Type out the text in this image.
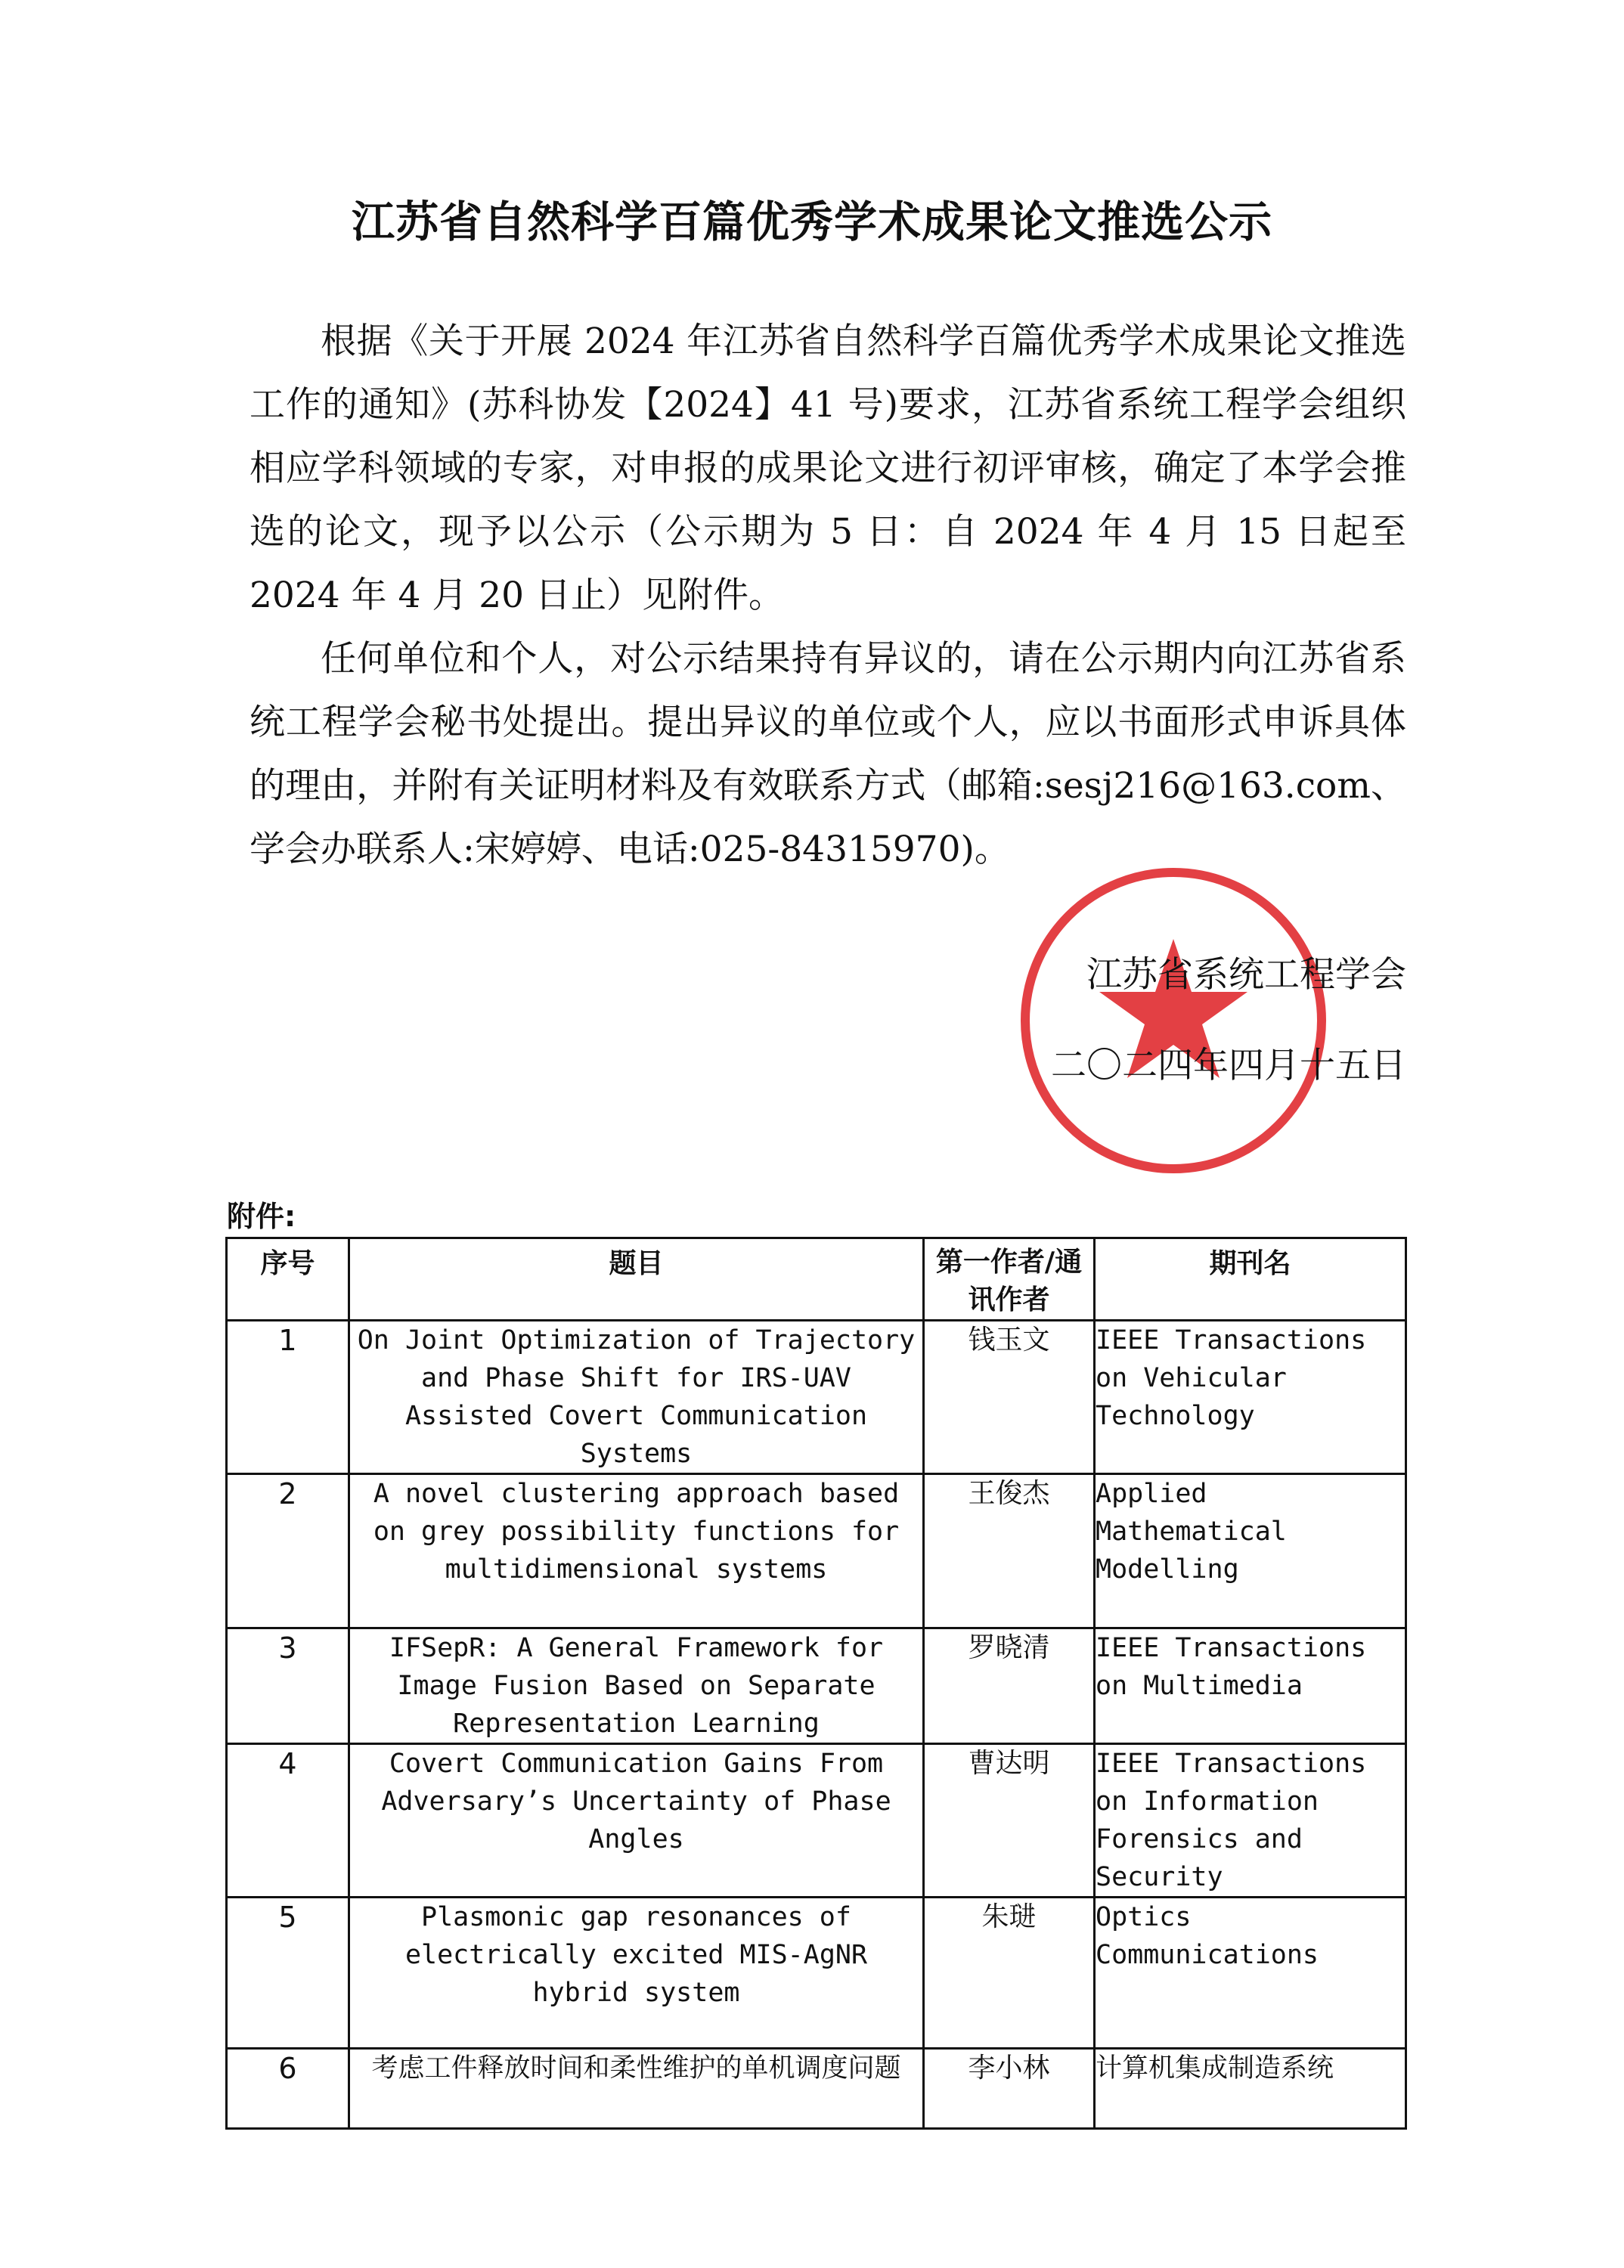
江苏省自然科学百篇优秀学术成果论文推选公示

根据《关于开展 2024 年江苏省自然科学百篇优秀学术成果论文推选工作的通知》(苏科协发【2024】41 号)要求，江苏省系统工程学会组织相应学科领域的专家，对申报的成果论文进行初评审核，确定了本学会推选的论文，现予以公示（公示期为 5 日：自 2024 年 4 月 15 日起至 2024 年 4 月 20 日止）见附件。

任何单位和个人，对公示结果持有异议的，请在公示期内向江苏省系统工程学会秘书处提出。提出异议的单位或个人，应以书面形式申诉具体的理由，并附有关证明材料及有效联系方式（邮箱:sesj216@163.com、学会办联系人:宋婷婷、电话:025-84315970)。

江苏省系统工程学会
二〇二四年四月十五日
附件:
序号	题目	第一作者/通讯作者	期刊名
1	On Joint Optimization of Trajectory and Phase Shift for IRS-UAV Assisted Covert Communication Systems	钱玉文	IEEE Transactions on Vehicular Technology
2	A novel clustering approach based on grey possibility functions for multidimensional systems	王俊杰	Applied Mathematical Modelling
3	IFSepR: A General Framework for Image Fusion Based on Separate Representation Learning	罗晓清	IEEE Transactions on Multimedia
4	Covert Communication Gains From Adversary’s Uncertainty of Phase Angles	曹达明	IEEE Transactions on Information Forensics and Security
5	Plasmonic gap resonances of electrically excited MIS-AgNR hybrid system	朱琎	Optics Communications
6	考虑工件释放时间和柔性维护的单机调度问题	李小林	计算机集成制造系统
